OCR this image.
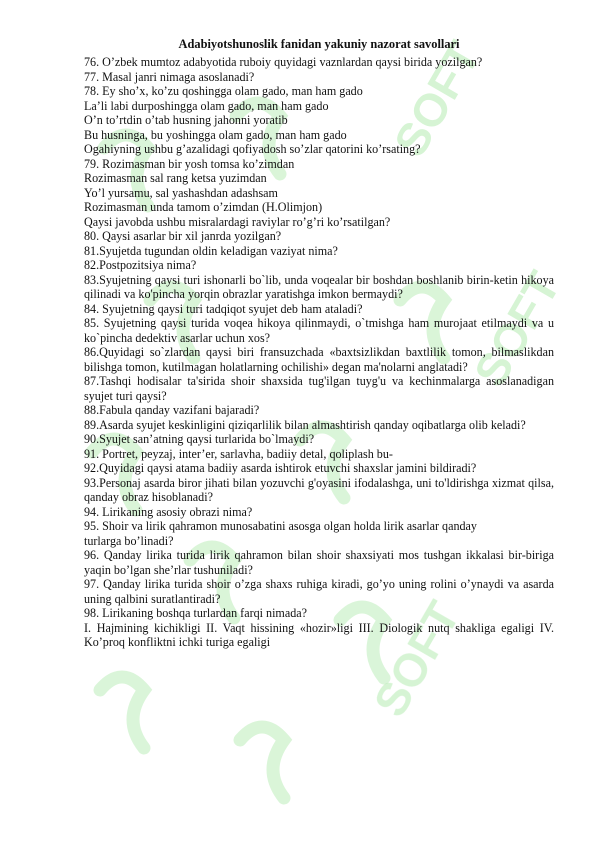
SOFT
SOFT
SOFT
Adabiyotshunoslik fanidan yakuniy nazorat savollari

76. O’zbek mumtoz adabyotida ruboiy quyidagi vaznlardan qaysi birida yozilgan?

77. Masal janri nimaga asoslanadi?

78. Ey sho’x, ko’zu qoshingga olam gado, man ham gado

La’li labi durposhingga olam gado, man ham gado

O’n to’rtdin o’tab husning jahonni yoratib

Bu husninga, bu yoshingga olam gado, man ham gado

Ogahiyning ushbu g’azalidagi qofiyadosh so’zlar qatorini ko’rsating?

79. Rozimasman bir yosh tomsa ko’zimdan

Rozimasman sal rang ketsa yuzimdan

Yo’l yursamu, sal yashashdan adashsam

Rozimasman unda tamom o’zimdan (H.Olimjon)

Qaysi javobda ushbu misralardagi raviylar ro’g’ri ko’rsatilgan?

80. Qaysi asarlar bir xil janrda yozilgan?

81.Syujetda tugundan oldin keladigan vaziyat nima?

82.Postpozitsiya nima?

83.Syujetning qaysi turi ishonarli bo`lib, unda voqealar bir boshdan boshlanib birin-ketin hikoya qilinadi va ko'pincha yorqin obrazlar yaratishga imkon bermaydi?

84. Syujetning qaysi turi tadqiqot syujet deb ham ataladi?

85. Syujetning qaysi turida voqea hikoya qilinmaydi, o`tmishga ham murojaat etilmaydi va u ko`pincha dedektiv asarlar uchun xos?

86.Quyidagi so`zlardan qaysi biri fransuzchada «baxtsizlikdan baxtlilik tomon, bilmaslikdan bilishga tomon, kutilmagan holatlarning ochilishi» degan ma'nolarni anglatadi?

87.Tashqi hodisalar ta'sirida shoir shaxsida tug'ilgan tuyg'u va kechinmalarga asoslanadigan syujet turi qaysi?

88.Fabula qanday vazifani bajaradi?

89.Asarda syujet keskinligini qiziqarlilik bilan almashtirish qanday oqibatlarga olib keladi?

90.Syujet san’atning qaysi turlarida bo`lmaydi?

91. Portret, peyzaj, inter’er, sarlavha, badiiy detal, qoliplash bu-

92.Quyidagi qaysi atama badiiy asarda ishtirok etuvchi shaxslar jamini bildiradi?

93.Personaj asarda biror jihati bilan yozuvchi g'oyasini ifodalashga, uni to'ldirishga xizmat qilsa, qanday obraz hisoblanadi?

94. Lirikaning asosiy obrazi nima?

95. Shoir va lirik qahramon munosabatini asosga olgan holda lirik asarlar qanday

turlarga bo’linadi?

96. Qanday lirika turida lirik qahramon bilan shoir shaxsiyati mos tushgan ikkalasi bir-biriga yaqin bo’lgan she’rlar tushuniladi?

97. Qanday lirika turida shoir o’zga shaxs ruhiga kiradi, go’yo uning rolini o’ynaydi va asarda uning qalbini suratlantiradi?

98. Lirikaning boshqa turlardan farqi nimada?

I. Hajmining kichikligi II. Vaqt hissining «hozir»ligi III. Diologik nutq shakliga egaligi IV. Ko’proq konfliktni ichki turiga egaligi
